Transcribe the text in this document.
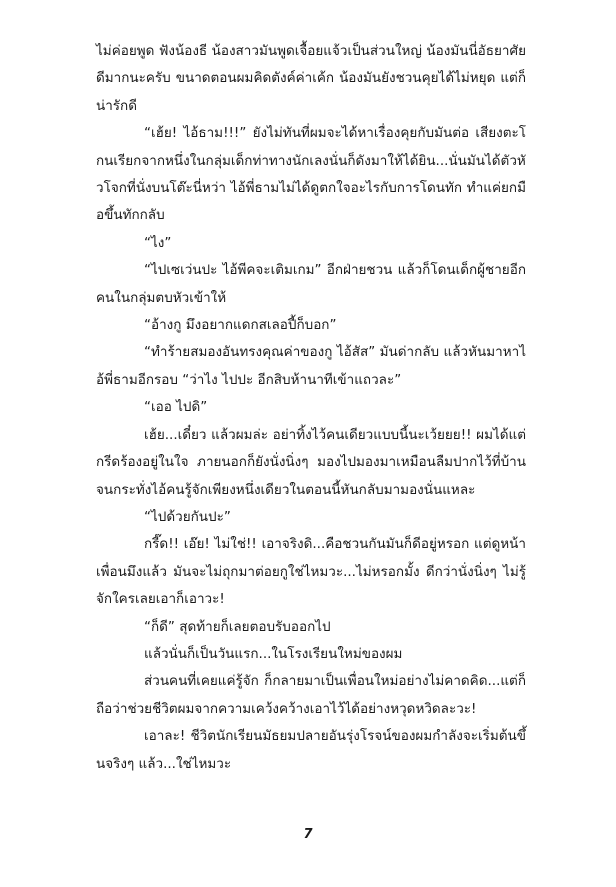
ไม่ค่อยพูด ฟังน้องธี น้องสาวมันพูดเจื้อยแจ้วเป็นส่วนใหญ่ น้องมันนี่อัธยาศัยดีมากนะครับ ขนาดตอนผมคิดตังค์ค่าเค้ก น้องมันยังชวนคุยได้ไม่หยุด แต่ก็น่ารักดี

“เฮ้ย! ไอ้ธาม!!!” ยังไม่ทันที่ผมจะได้หาเรื่องคุยกับมันต่อ เสียงตะโกนเรียกจากหนึ่งในกลุ่มเด็กท่าทางนักเลงนั่นก็ดังมาให้ได้ยิน...นั่นมันได้ตัวหัวโจกที่นั่งบนโต๊ะนี่หว่า ไอ้พี่ธามไม่ได้ดูตกใจอะไรกับการโดนทัก ทำแค่ยกมือขึ้นทักกลับ

“ไง”

“ไปเซเว่นปะ ไอ้พีคจะเติมเกม” อีกฝ่ายชวน แล้วก็โดนเด็กผู้ชายอีกคนในกลุ่มตบหัวเข้าให้

“อ้างกู มึงอยากแดกสเลอปี้ก็บอก”

“ทำร้ายสมองอันทรงคุณค่าของกู ไอ้สัส” มันด่ากลับ แล้วหันมาหาไอ้พี่ธามอีกรอบ “ว่าไง ไปปะ อีกสิบห้านาทีเข้าแถวละ”

“เออ ไปดิ”

เฮ้ย...เดี๋ยว แล้วผมล่ะ อย่าทิ้งไว้คนเดียวแบบนี้นะเว้ยยย!! ผมได้แต่กรีดร้องอยู่ในใจ ภายนอกก็ยังนั่งนิ่งๆ มองไปมองมาเหมือนลืมปากไว้ที่บ้าน จนกระทั่งไอ้คนรู้จักเพียงหนึ่งเดียวในตอนนี้หันกลับมามองนั่นแหละ

“ไปด้วยกันปะ”

กรี๊ด!! เอ๊ย! ไม่ใช่!! เอาจริงดิ...คือชวนกันมันก็ดีอยู่หรอก แต่ดูหน้าเพื่อนมึงแล้ว มันจะไม่ถุกมาต่อยกูใช่ไหมวะ...ไม่หรอกมั้ง ดีกว่านั่งนิ่งๆ ไม่รู้จักใครเลยเอาก็เอาวะ!

“ก็ดี” สุดท้ายก็เลยตอบรับออกไป

แล้วนั่นก็เป็นวันแรก...ในโรงเรียนใหม่ของผม

ส่วนคนที่เคยแค่รู้จัก ก็กลายมาเป็นเพื่อนใหม่อย่างไม่คาดคิด...แต่ก็ถือว่าช่วยชีวิตผมจากความเคว้งคว้างเอาไว้ได้อย่างหวุดหวิดละวะ!

เอาละ! ชีวิตนักเรียนมัธยมปลายอันรุ่งโรจน์ของผมกำลังจะเริ่มต้นขึ้นจริงๆ แล้ว...ใช่ไหมวะ

7
